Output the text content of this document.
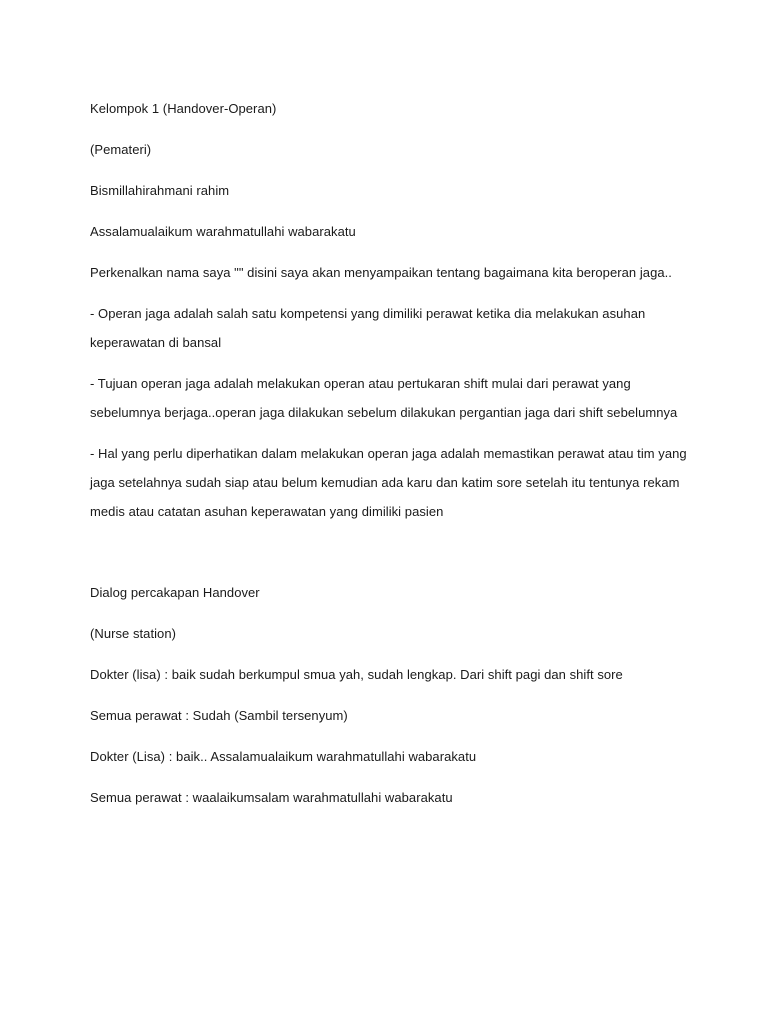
Kelompok 1 (Handover-Operan)

(Pemateri)

Bismillahirahmani rahim

Assalamualaikum warahmatullahi wabarakatu

Perkenalkan nama saya "" disini saya akan menyampaikan tentang bagaimana kita beroperan jaga..

- Operan jaga adalah salah satu kompetensi yang dimiliki perawat ketika dia melakukan asuhan keperawatan di bansal

- Tujuan operan jaga adalah melakukan operan atau pertukaran shift mulai dari perawat yang sebelumnya berjaga..operan jaga dilakukan sebelum dilakukan pergantian jaga dari shift sebelumnya

- Hal yang perlu diperhatikan dalam melakukan operan jaga adalah memastikan perawat atau tim yang jaga setelahnya sudah siap atau belum kemudian ada karu dan katim sore setelah itu tentunya rekam medis atau catatan asuhan keperawatan yang dimiliki pasien

Dialog percakapan Handover

(Nurse station)

Dokter (lisa) : baik sudah berkumpul smua yah, sudah lengkap. Dari shift pagi dan shift sore

Semua perawat : Sudah (Sambil tersenyum)

Dokter (Lisa) : baik.. Assalamualaikum warahmatullahi wabarakatu

Semua perawat : waalaikumsalam warahmatullahi wabarakatu
